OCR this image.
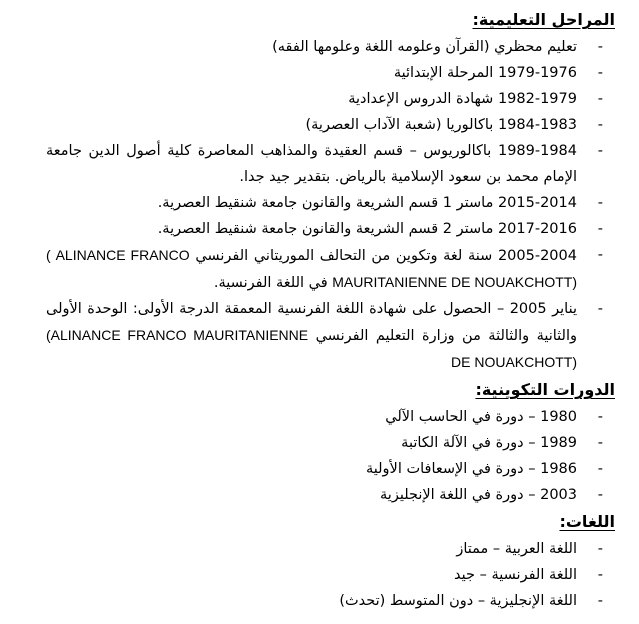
المراحل التعليمية:
-
تعليم محظري (القرآن وعلومه اللغة وعلومها الفقه)
-
1979-1976 المرحلة الإبتدائية
-
1982-1979 شهادة الدروس الإعدادية
-
1984-1983 باكالوريا (شعبة الآداب العصرية)
-
1989-1984 باكالوريوس – قسم العقيدة والمذاهب المعاصرة كلية أصول الدين جامعة الإمام محمد بن سعود الإسلامية بالرياض. بتقدير جيد جدا.
-
2015-2014 ماستر 1 قسم الشريعة والقانون جامعة شنقيط العصرية.
-
2017-2016 ماستر 2 قسم الشريعة والقانون جامعة شنقيط العصرية.
-
2005-2004 سنة لغة وتكوين من التحالف الموريتاني الفرنسي ( ALINANCE FRANCO MAURITANIENNE DE NOUAKCHOTT) في اللغة الفرنسية.
-
يناير 2005 – الحصول على شهادة اللغة الفرنسية المعمقة الدرجة الأولى: الوحدة الأولى والثانية والثالثة من وزارة التعليم الفرنسي (ALINANCE FRANCO MAURITANIENNE DE NOUAKCHOTT)
الدورات التكوينية:
-
1980 – دورة في الحاسب الآلي
-
1989 – دورة في الآلة الكاتبة
-
1986 – دورة في الإسعافات الأولية
-
2003 – دورة في اللغة الإنجليزية
اللغات:
-
اللغة العربية – ممتاز
-
اللغة الفرنسية – جيد
-
اللغة الإنجليزية – دون المتوسط (تحدث)
